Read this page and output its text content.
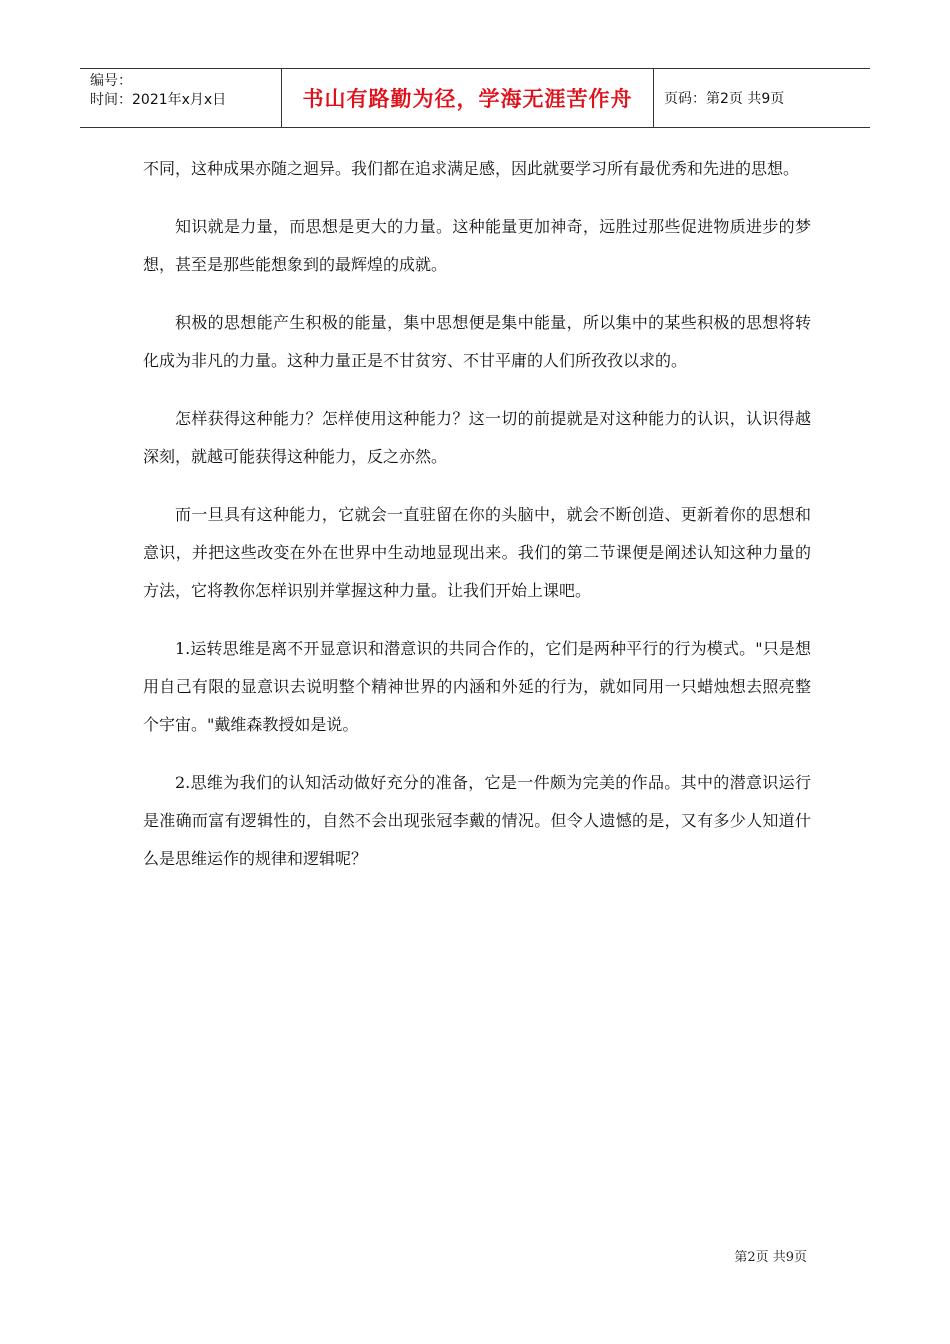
编号：
时间：2021年x月x日	书山有路勤为径，学海无涯苦作舟	页码：第2页 共9页

不同，这种成果亦随之迴异。我们都在追求满足感，因此就要学习所有最优秀和先进的思想。

知识就是力量，而思想是更大的力量。这种能量更加神奇，远胜过那些促进物质进步的梦想，甚至是那些能想象到的最辉煌的成就。

积极的思想能产生积极的能量，集中思想便是集中能量，所以集中的某些积极的思想将转化成为非凡的力量。这种力量正是不甘贫穷、不甘平庸的人们所孜孜以求的。

怎样获得这种能力？怎样使用这种能力？这一切的前提就是对这种能力的认识，认识得越深刻，就越可能获得这种能力，反之亦然。

而一旦具有这种能力，它就会一直驻留在你的头脑中，就会不断创造、更新着你的思想和意识，并把这些改变在外在世界中生动地显现出来。我们的第二节课便是阐述认知这种力量的方法，它将教你怎样识别并掌握这种力量。让我们开始上课吧。

1.运转思维是离不开显意识和潜意识的共同合作的，它们是两种平行的行为模式。"只是想用自己有限的显意识去说明整个精神世界的内涵和外延的行为，就如同用一只蜡烛想去照亮整个宇宙。"戴维森教授如是说。

2.思维为我们的认知活动做好充分的准备，它是一件颇为完美的作品。其中的潜意识运行是准确而富有逻辑性的，自然不会出现张冠李戴的情况。但令人遗憾的是，又有多少人知道什么是思维运作的规律和逻辑呢？

第2页 共9页
